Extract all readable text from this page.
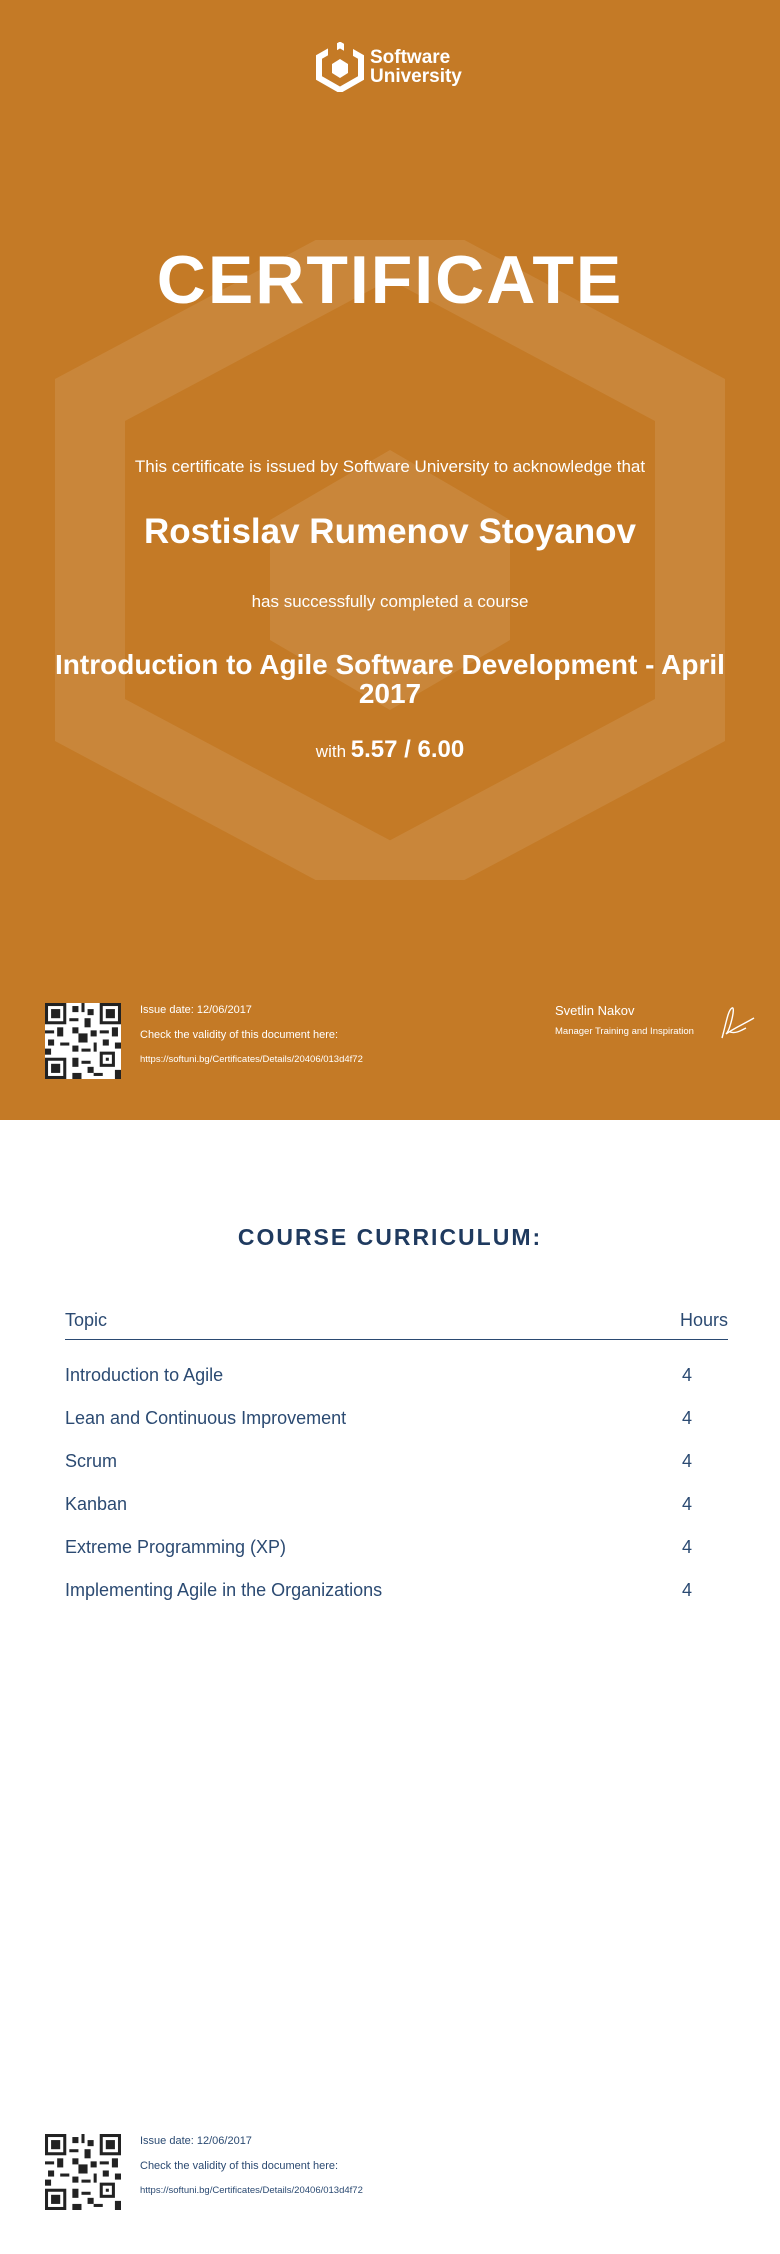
Software
University
CERTIFICATE
This certificate is issued by Software University to acknowledge that
Rostislav Rumenov Stoyanov
has successfully completed a course
Introduction to Agile Software Development - April 2017
with 5.57 / 6.00
Issue date: 12/06/2017
Check the validity of this document here:
https://softuni.bg/Certificates/Details/20406/013d4f72
Svetlin Nakov
Manager Training and Inspiration
COURSE CURRICULUM:
Topic	Hours
Introduction to Agile	4
Lean and Continuous Improvement	4
Scrum	4
Kanban	4
Extreme Programming (XP)	4
Implementing Agile in the Organizations	4
Issue date: 12/06/2017
Check the validity of this document here:
https://softuni.bg/Certificates/Details/20406/013d4f72
